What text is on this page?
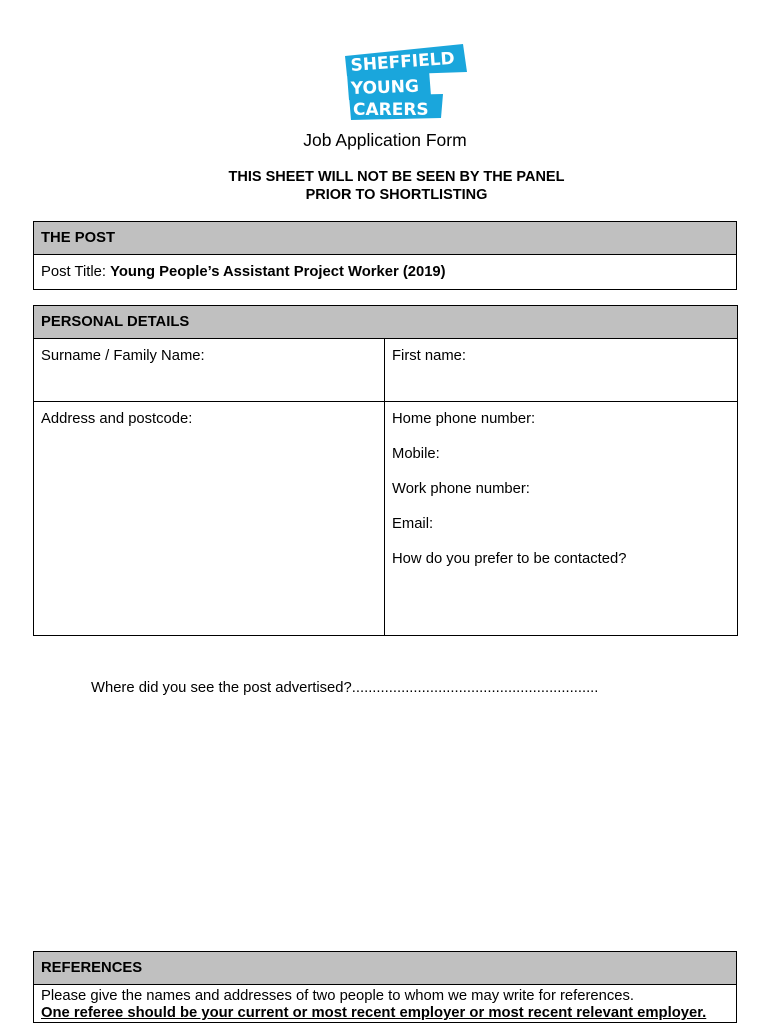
SHEFFIELD
YOUNG
CARERS
Job Application Form
THIS SHEET WILL NOT BE SEEN BY THE PANEL
PRIOR TO SHORTLISTING
THE POST
Post Title: Young People’s Assistant Project Worker (2019)
PERSONAL DETAILS	
Surname / Family Name:	First name:
Address and postcode:	Home phone number:
Mobile:
Work phone number:
Email:
How do you prefer to be contacted?
Where did you see the post advertised?............................................................
REFERENCES

Please give the names and addresses of two people to whom we may write for references.
One referee should be your current or most recent employer or most recent relevant employer.
